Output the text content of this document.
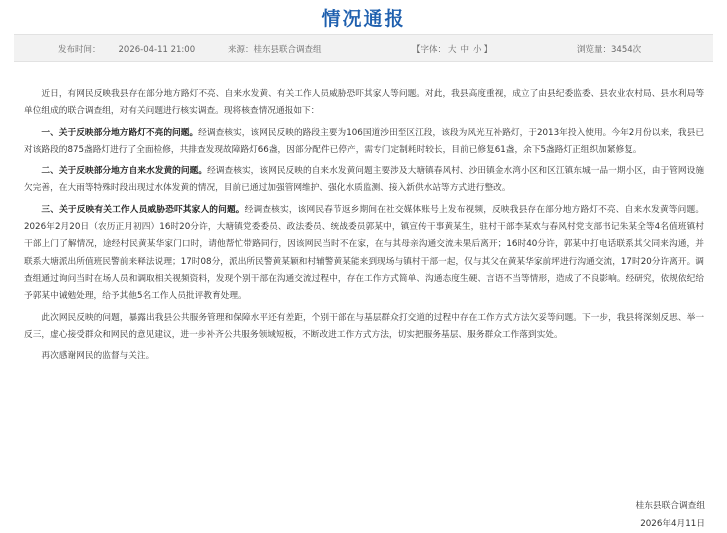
情况通报
发布时间： 2026-04-11 21:00	来源：桂东县联合调查组	【字体： 大 中 小 】	浏览量：3454次

近日，有网民反映我县存在部分地方路灯不亮、自来水发黄、有关工作人员威胁恐吓其家人等问题。对此，我县高度重视，成立了由县纪委监委、县农业农村局、县水利局等单位组成的联合调查组，对有关问题进行核实调查。现将核查情况通报如下：

一、关于反映部分地方路灯不亮的问题。经调查核实，该网民反映的路段主要为106国道沙田至区江段，该段为风光互补路灯，于2013年投入使用。今年2月份以来，我县已对该路段的875盏路灯进行了全面检修，共排查发现故障路灯66盏，因部分配件已停产，需专门定制耗时较长，目前已修复61盏，余下5盏路灯正组织加紧修复。

二、关于反映部分地方自来水发黄的问题。经调查核实，该网民反映的自来水发黄问题主要涉及大塘镇春风村、沙田镇金水湾小区和区江镇东城一品一期小区，由于管网设施欠完善，在大雨等特殊时段出现过水体发黄的情况，目前已通过加强管网维护、强化水质监测、接入新供水站等方式进行整改。

三、关于反映有关工作人员威胁恐吓其家人的问题。经调查核实，该网民春节返乡期间在社交媒体账号上发布视频，反映我县存在部分地方路灯不亮、自来水发黄等问题。2026年2月20日（农历正月初四）16时20分许，大塘镇党委委员、政法委员、统战委员郭某中，镇宣传干事黄某生，驻村干部李某欢与春风村党支部书记朱某全等4名值班镇村干部上门了解情况，途经村民黄某华家门口时，请他帮忙带路同行，因该网民当时不在家，在与其母亲沟通交流未果后离开；16时40分许，郭某中打电话联系其父同来沟通，并联系大塘派出所值班民警前来释法说理；17时08分，派出所民警黄某颖和村辅警黄某能来到现场与镇村干部一起，仅与其父在黄某华家前坪进行沟通交流，17时20分许离开。调查组通过询问当时在场人员和调取相关视频资料，发现个别干部在沟通交流过程中，存在工作方式简单、沟通态度生硬、言语不当等情形，造成了不良影响。经研究，依规依纪给予郭某中诫勉处理，给予其他5名工作人员批评教育处理。

此次网民反映的问题，暴露出我县公共服务管理和保障水平还有差距，个别干部在与基层群众打交道的过程中存在工作方式方法欠妥等问题。下一步，我县将深刻反思、举一反三，虚心接受群众和网民的意见建议，进一步补齐公共服务领域短板，不断改进工作方式方法，切实把服务基层、服务群众工作落到实处。

再次感谢网民的监督与关注。

桂东县联合调查组
2026年4月11日
